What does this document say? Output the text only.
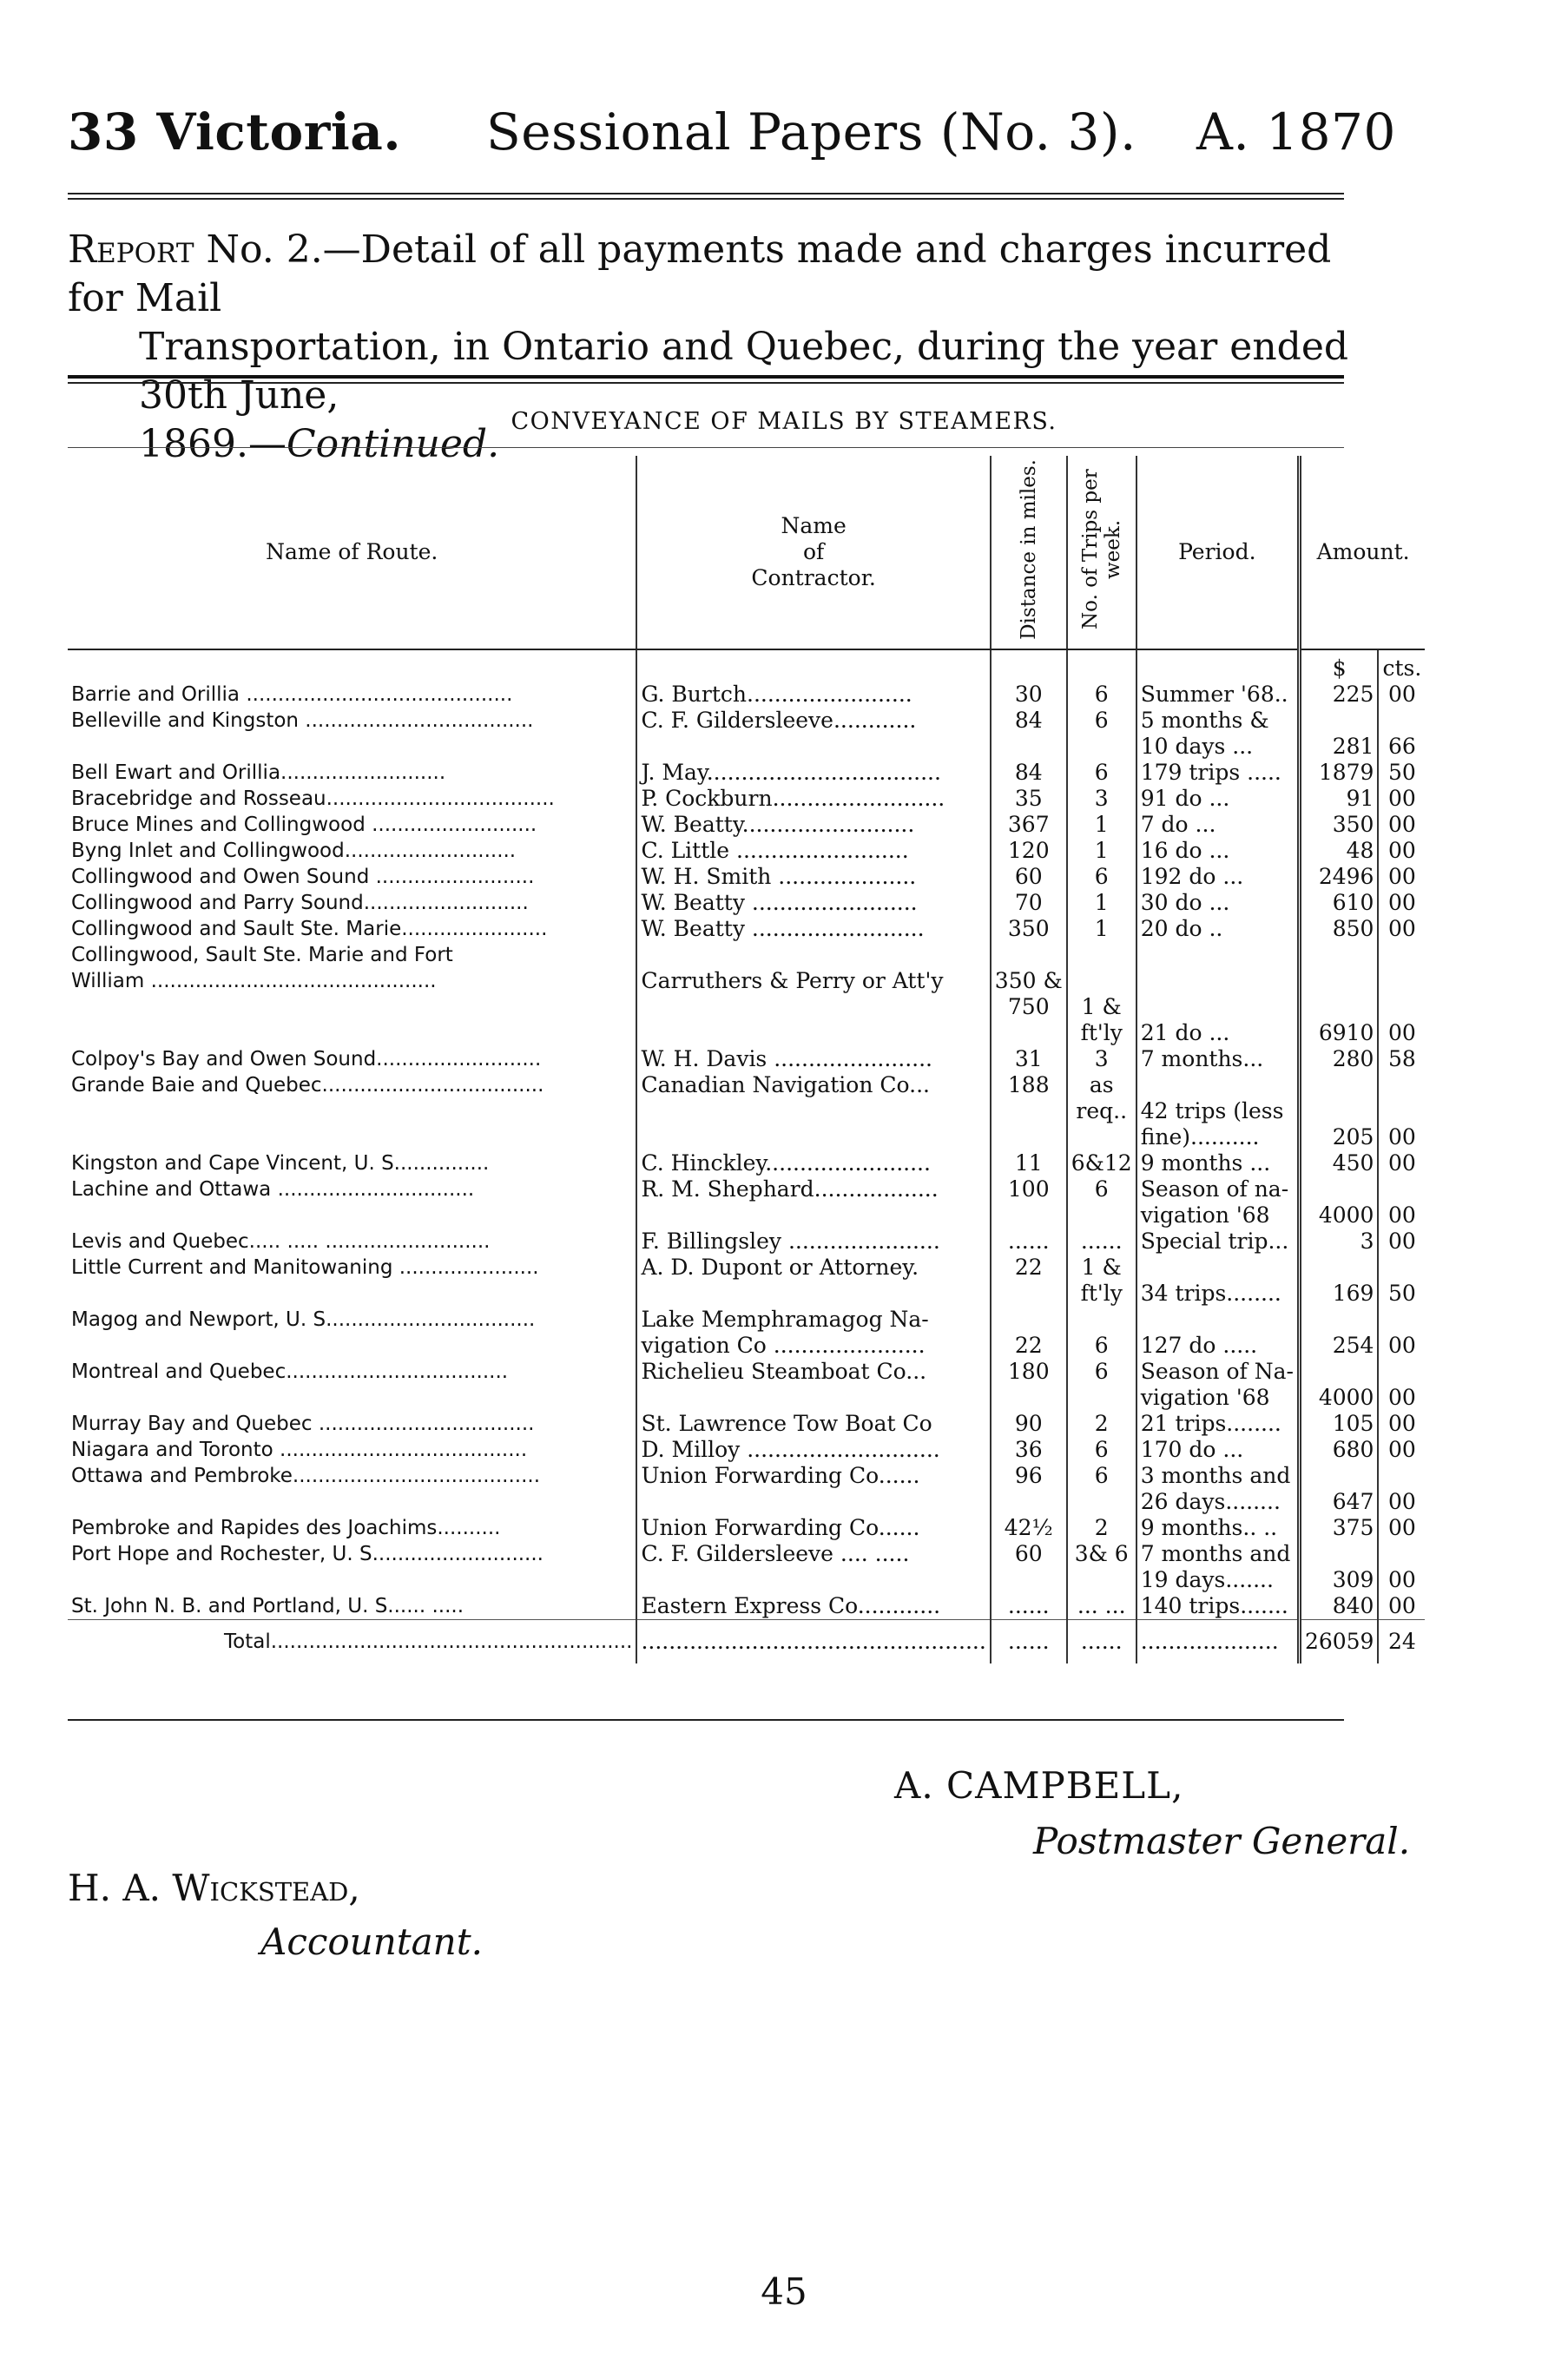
33 Victoria. Sessional Papers (No. 3). A. 1870

Report No. 2.—Detail of all payments made and charges incurred for Mail

Transportation, in Ontario and Quebec, during the year ended 30th June,

1869.—Continued.

CONVEYANCE OF MAILS BY STEAMERS.
Name of Route.	Name
of
Contractor.	Distance in miles.	No. of Trips per week.	Period.	Amount.	
					$	cts.
Barrie and Orillia ..........................................	G. Burtch........................	30	6	Summer '68..	225	00
Belleville and Kingston ....................................	C. F. Gildersleeve............	84	6	5 months &		
				10 days ...	281	66
Bell Ewart and Orillia..........................	J. May..................................	84	6	179 trips .....	1879	50
Bracebridge and Rosseau....................................	P. Cockburn.........................	35	3	91 do ...	91	00
Bruce Mines and Collingwood ..........................	W. Beatty.........................	367	1	7 do ...	350	00
Byng Inlet and Collingwood...........................	C. Little .........................	120	1	16 do ...	48	00
Collingwood and Owen Sound .........................	W. H. Smith ....................	60	6	192 do ...	2496	00
Collingwood and Parry Sound..........................	W. Beatty ........................	70	1	30 do ...	610	00
Collingwood and Sault Ste. Marie.......................	W. Beatty .........................	350	1	20 do ..	850	00
Collingwood, Sault Ste. Marie and Fort						
William .............................................	Carruthers & Perry or Att'y	350 &				
		750	1 &			
			ft'ly	21 do ...	6910	00
Colpoy's Bay and Owen Sound..........................	W. H. Davis .......................	31	3	7 months...	280	58
Grande Baie and Quebec...................................	Canadian Navigation Co...	188	as			
			req..	42 trips (less		
				fine)..........	205	00
Kingston and Cape Vincent, U. S...............	C. Hinckley........................	11	6&12	9 months ...	450	00
Lachine and Ottawa ...............................	R. M. Shephard..................	100	6	Season of na-		
				vigation '68	4000	00
Levis and Quebec..... ..... ..........................	F. Billingsley ......................	......	......	Special trip...	3	00
Little Current and Manitowaning ......................	A. D. Dupont or Attorney.	22	1 &			
			ft'ly	34 trips........	169	50
Magog and Newport, U. S.................................	Lake Memphramagog Na-					
	vigation Co ......................	22	6	127 do .....	254	00
Montreal and Quebec...................................	Richelieu Steamboat Co...	180	6	Season of Na-		
				vigation '68	4000	00
Murray Bay and Quebec ..................................	St. Lawrence Tow Boat Co	90	2	21 trips........	105	00
Niagara and Toronto .......................................	D. Milloy ............................	36	6	170 do ...	680	00
Ottawa and Pembroke.......................................	Union Forwarding Co......	96	6	3 months and		
				26 days........	647	00
Pembroke and Rapides des Joachims..........	Union Forwarding Co......	42½	2	9 months.. ..	375	00
Port Hope and Rochester, U. S...........................	C. F. Gildersleeve .... .....	60	3& 6	7 months and		
				19 days.......	309	00
St. John N. B. and Portland, U. S...... .....	Eastern Express Co............	......	... ...	140 trips.......	840	00
Total.........................................................	..................................................	......	......	....................	26059	24
A. CAMPBELL,
Postmaster General.
H. A. Wickstead,
Accountant.
45
